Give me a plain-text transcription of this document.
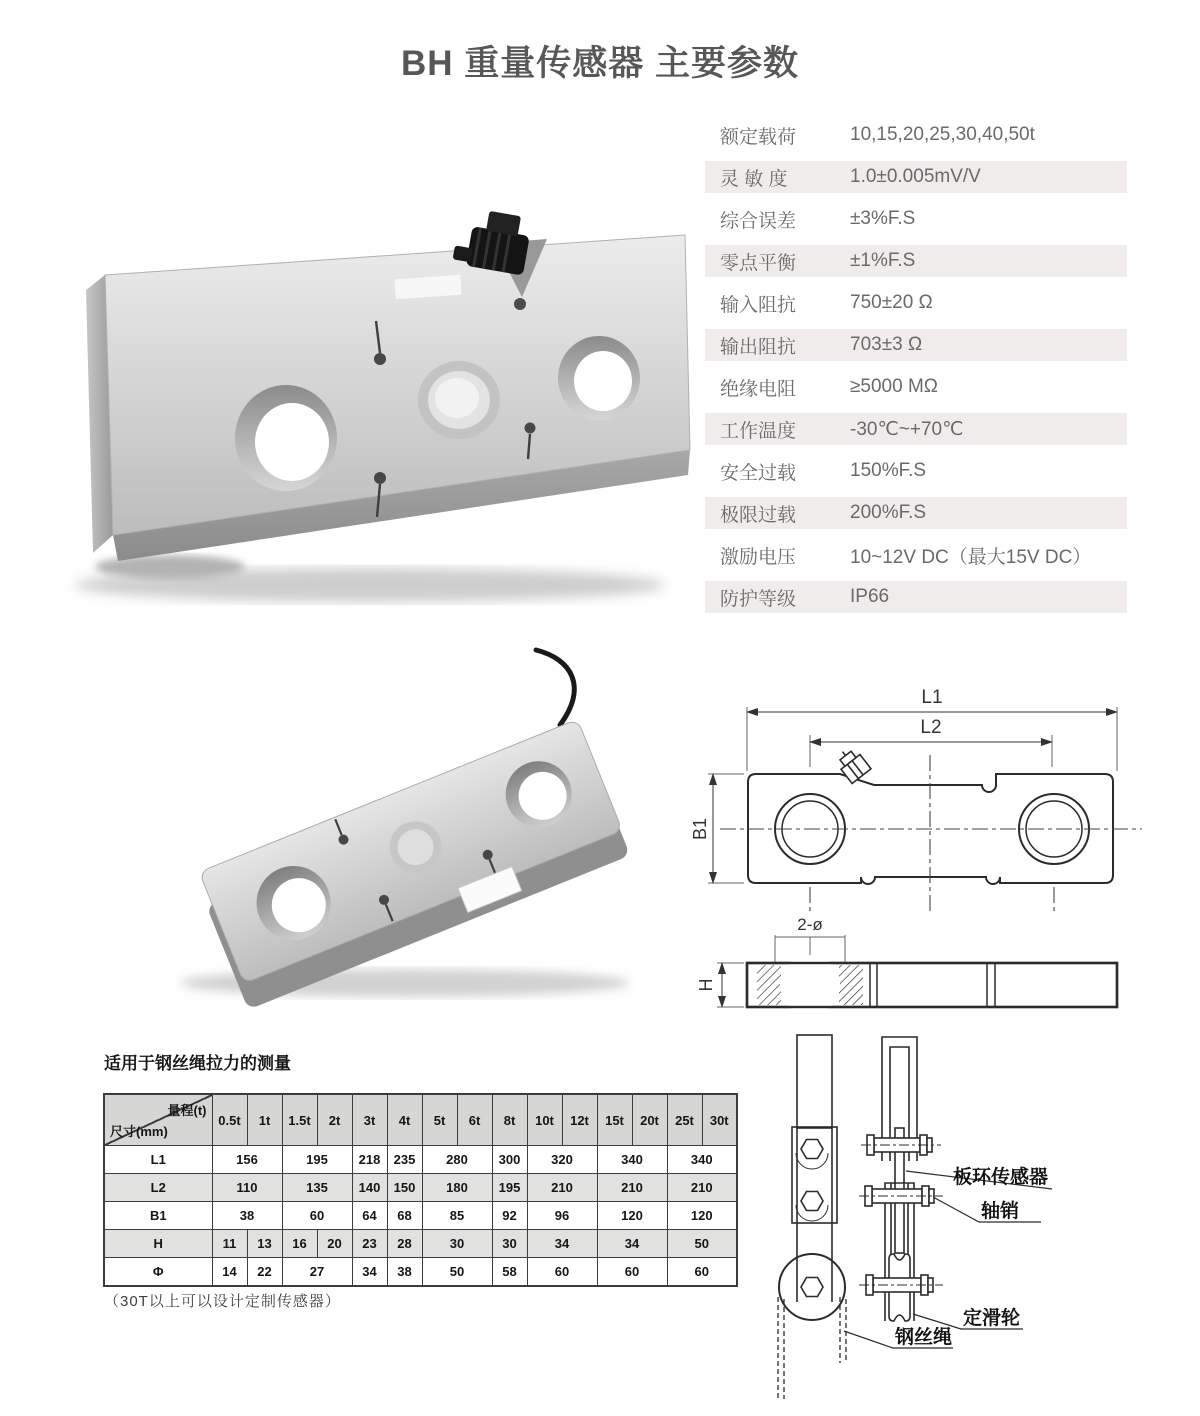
BH 重量传感器 主要参数
额定载荷	10,15,20,25,30,40,50t
灵 敏 度	1.0±0.005mV/V
综合误差	±3%F.S
零点平衡	±1%F.S
输入阻抗	750±20 Ω
输出阻抗	703±3 Ω
绝缘电阻	≥5000 MΩ
工作温度	-30℃~+70℃
安全过载	150%F.S
极限过载	200%F.S
激励电压	10~12V DC（最大15V DC）
防护等级	IP66
L1
L2
B1
2-ø
H
适用于钢丝绳拉力的测量
量程(t)
尺寸(mm)	0.5t	1t	1.5t	2t	3t	4t	5t	6t	8t	10t	12t	15t	20t	25t	30t
L1	156		195		218	235	280		300	320		340		340	
L2	110		135		140	150	180		195	210		210		210	
B1	38		60		64	68	85		92	96		120		120	
H	11	13	16	20	23	28	30		30	34		34		50	
Φ	14	22	27		34	38	50		58	60		60		60	
（30T以上可以设计定制传感器）
板环传感器
轴销
定滑轮
钢丝绳
